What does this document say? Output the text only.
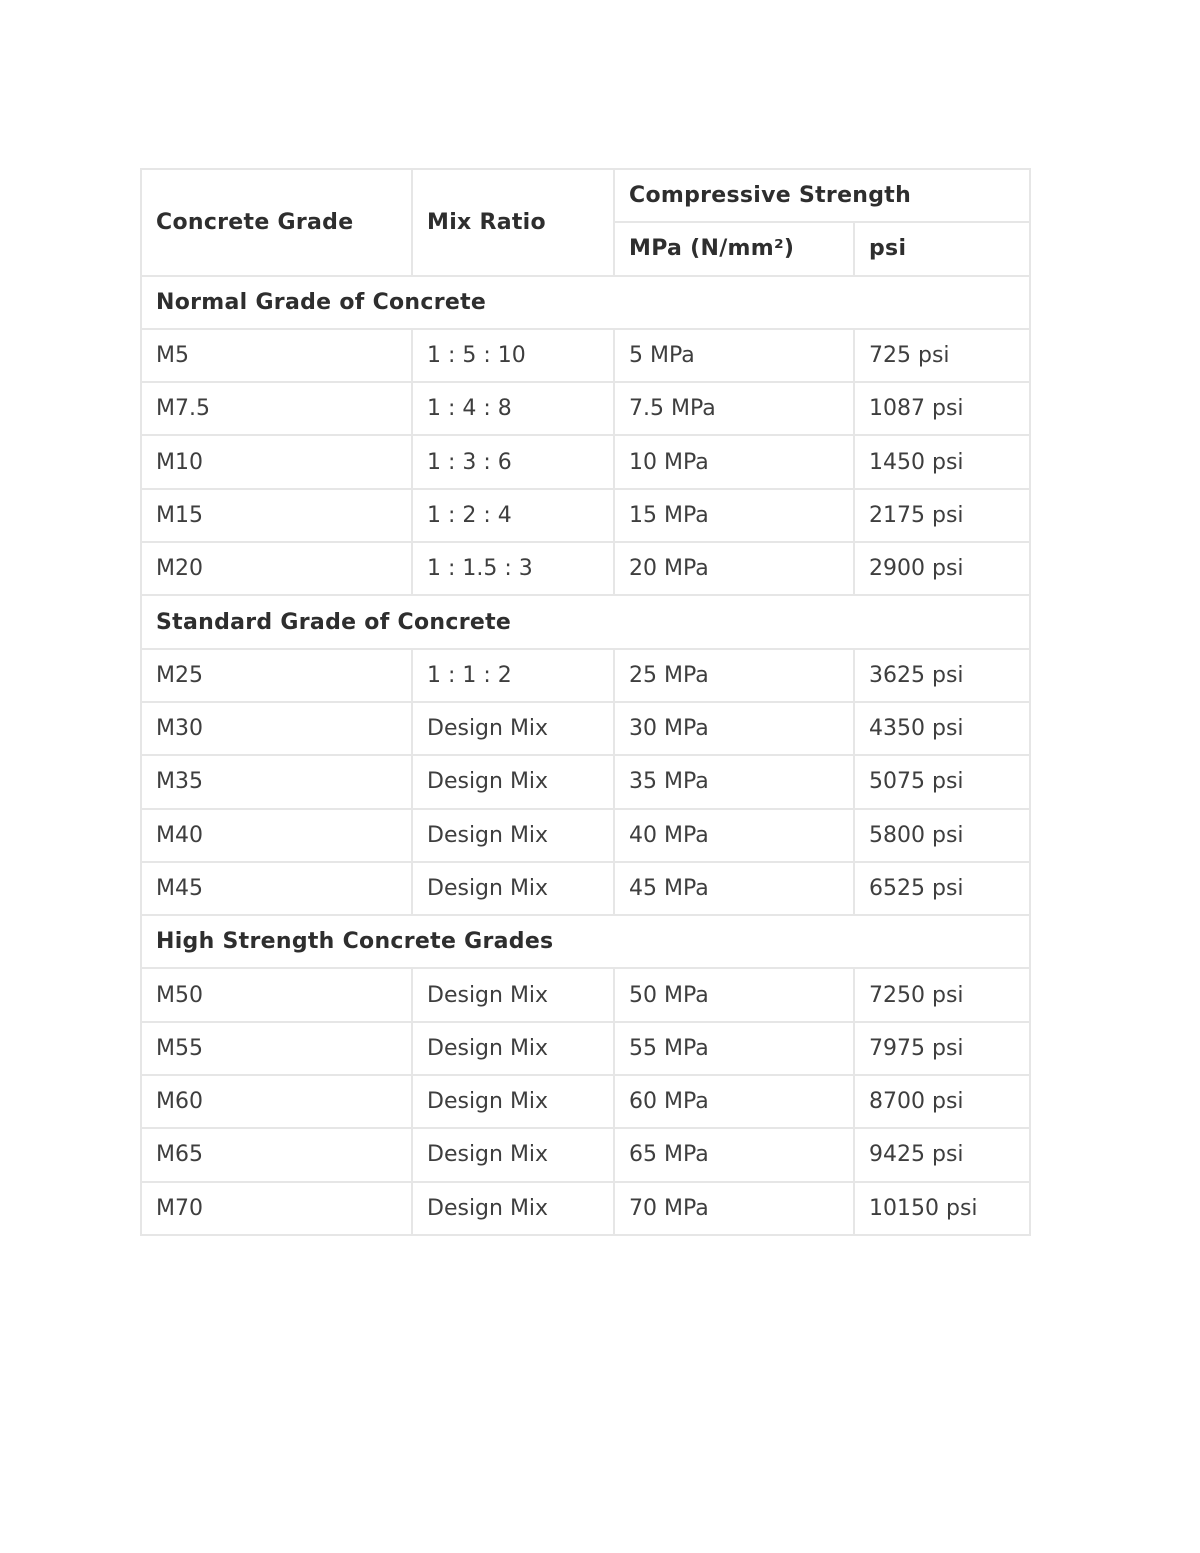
Concrete Grade	Mix Ratio	Compressive Strength	
		MPa (N/mm²)	psi
Normal Grade of Concrete			
M5	1 : 5 : 10	5 MPa	725 psi
M7.5	1 : 4 : 8	7.5 MPa	1087 psi
M10	1 : 3 : 6	10 MPa	1450 psi
M15	1 : 2 : 4	15 MPa	2175 psi
M20	1 : 1.5 : 3	20 MPa	2900 psi
Standard Grade of Concrete			
M25	1 : 1 : 2	25 MPa	3625 psi
M30	Design Mix	30 MPa	4350 psi
M35	Design Mix	35 MPa	5075 psi
M40	Design Mix	40 MPa	5800 psi
M45	Design Mix	45 MPa	6525 psi
High Strength Concrete Grades			
M50	Design Mix	50 MPa	7250 psi
M55	Design Mix	55 MPa	7975 psi
M60	Design Mix	60 MPa	8700 psi
M65	Design Mix	65 MPa	9425 psi
M70	Design Mix	70 MPa	10150 psi
